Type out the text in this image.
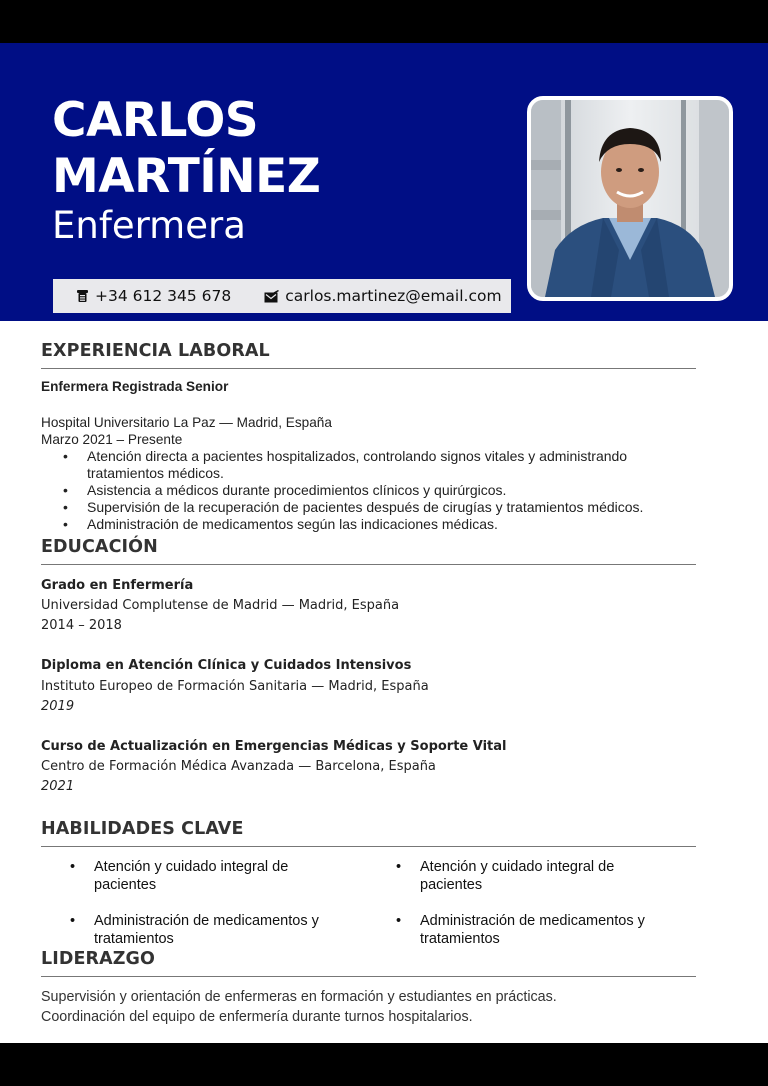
CARLOS
MARTÍNEZ
Enfermera
+34 612 345 678	carlos.martinez@email.com
EXPERIENCIA LABORAL
Enfermera Registrada Senior
Hospital Universitario La Paz — Madrid, España
Marzo 2021 – Presente
• Atención directa a pacientes hospitalizados, controlando signos vitales y administrando tratamientos médicos.
• Asistencia a médicos durante procedimientos clínicos y quirúrgicos.
• Supervisión de la recuperación de pacientes después de cirugías y tratamientos médicos.
• Administración de medicamentos según las indicaciones médicas.
EDUCACIÓN
Grado en Enfermería
Universidad Complutense de Madrid — Madrid, España
2014 – 2018
Diploma en Atención Clínica y Cuidados Intensivos
Instituto Europeo de Formación Sanitaria — Madrid, España
2019
Curso de Actualización en Emergencias Médicas y Soporte Vital
Centro de Formación Médica Avanzada — Barcelona, España
2021
HABILIDADES CLAVE
• Atención y cuidado integral de pacientes
• Atención y cuidado integral de pacientes
• Administración de medicamentos y tratamientos
• Administración de medicamentos y tratamientos
LIDERAZGO
Supervisión y orientación de enfermeras en formación y estudiantes en prácticas.
Coordinación del equipo de enfermería durante turnos hospitalarios.
